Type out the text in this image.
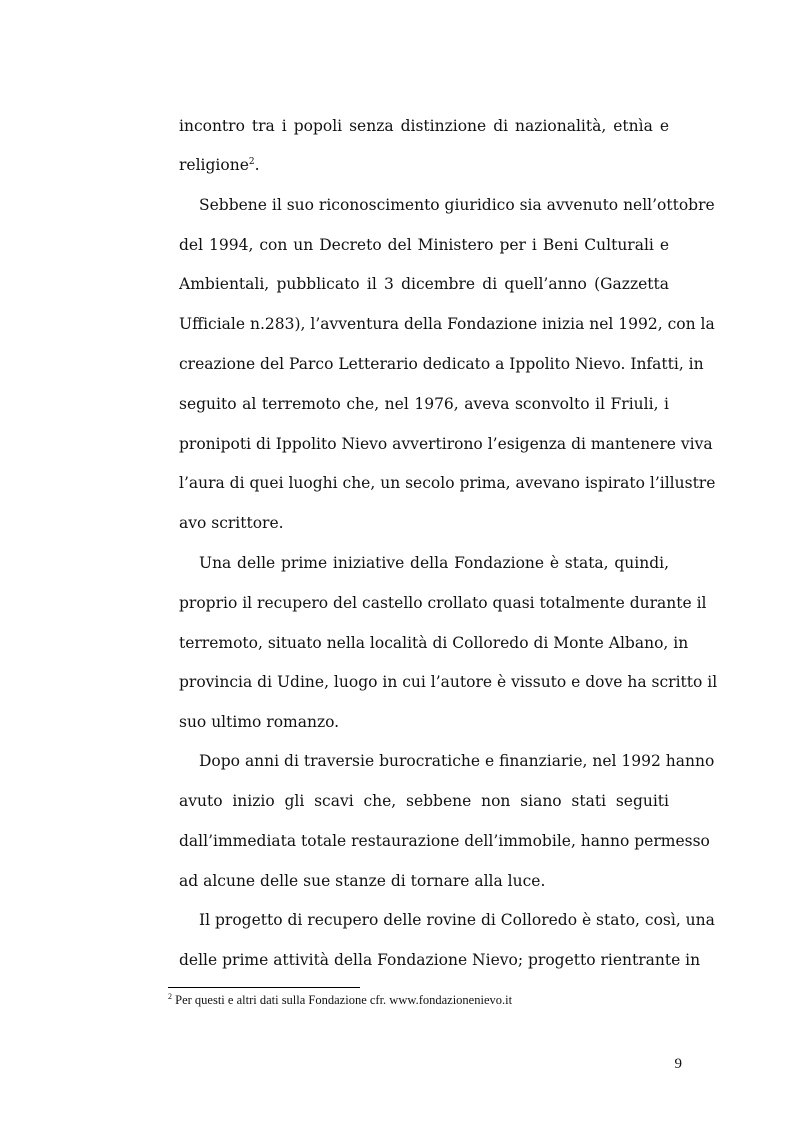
incontro tra i popoli senza distinzione di nazionalità, etnìa e
religione$^2$.
Sebbene il suo riconoscimento giuridico sia avvenuto nell’ottobre
del 1994, con un Decreto del Ministero per i Beni Culturali e
Ambientali, pubblicato il 3 dicembre di quell’anno (Gazzetta
Ufficiale n.283), l’avventura della Fondazione inizia nel 1992, con la
creazione del Parco Letterario dedicato a Ippolito Nievo. Infatti, in
seguito al terremoto che, nel 1976, aveva sconvolto il Friuli, i
pronipoti di Ippolito Nievo avvertirono l’esigenza di mantenere viva
l’aura di quei luoghi che, un secolo prima, avevano ispirato l’illustre
avo scrittore.
Una delle prime iniziative della Fondazione è stata, quindi,
proprio il recupero del castello crollato quasi totalmente durante il
terremoto, situato nella località di Colloredo di Monte Albano, in
provincia di Udine, luogo in cui l’autore è vissuto e dove ha scritto il
suo ultimo romanzo.
Dopo anni di traversie burocratiche e finanziarie, nel 1992 hanno
avuto inizio gli scavi che, sebbene non siano stati seguiti
dall’immediata totale restaurazione dell’immobile, hanno permesso
ad alcune delle sue stanze di tornare alla luce.
Il progetto di recupero delle rovine di Colloredo è stato, così, una
delle prime attività della Fondazione Nievo; progetto rientrante in
$^2$ Per questi e altri dati sulla Fondazione cfr. www.fondazionenievo.it
9
